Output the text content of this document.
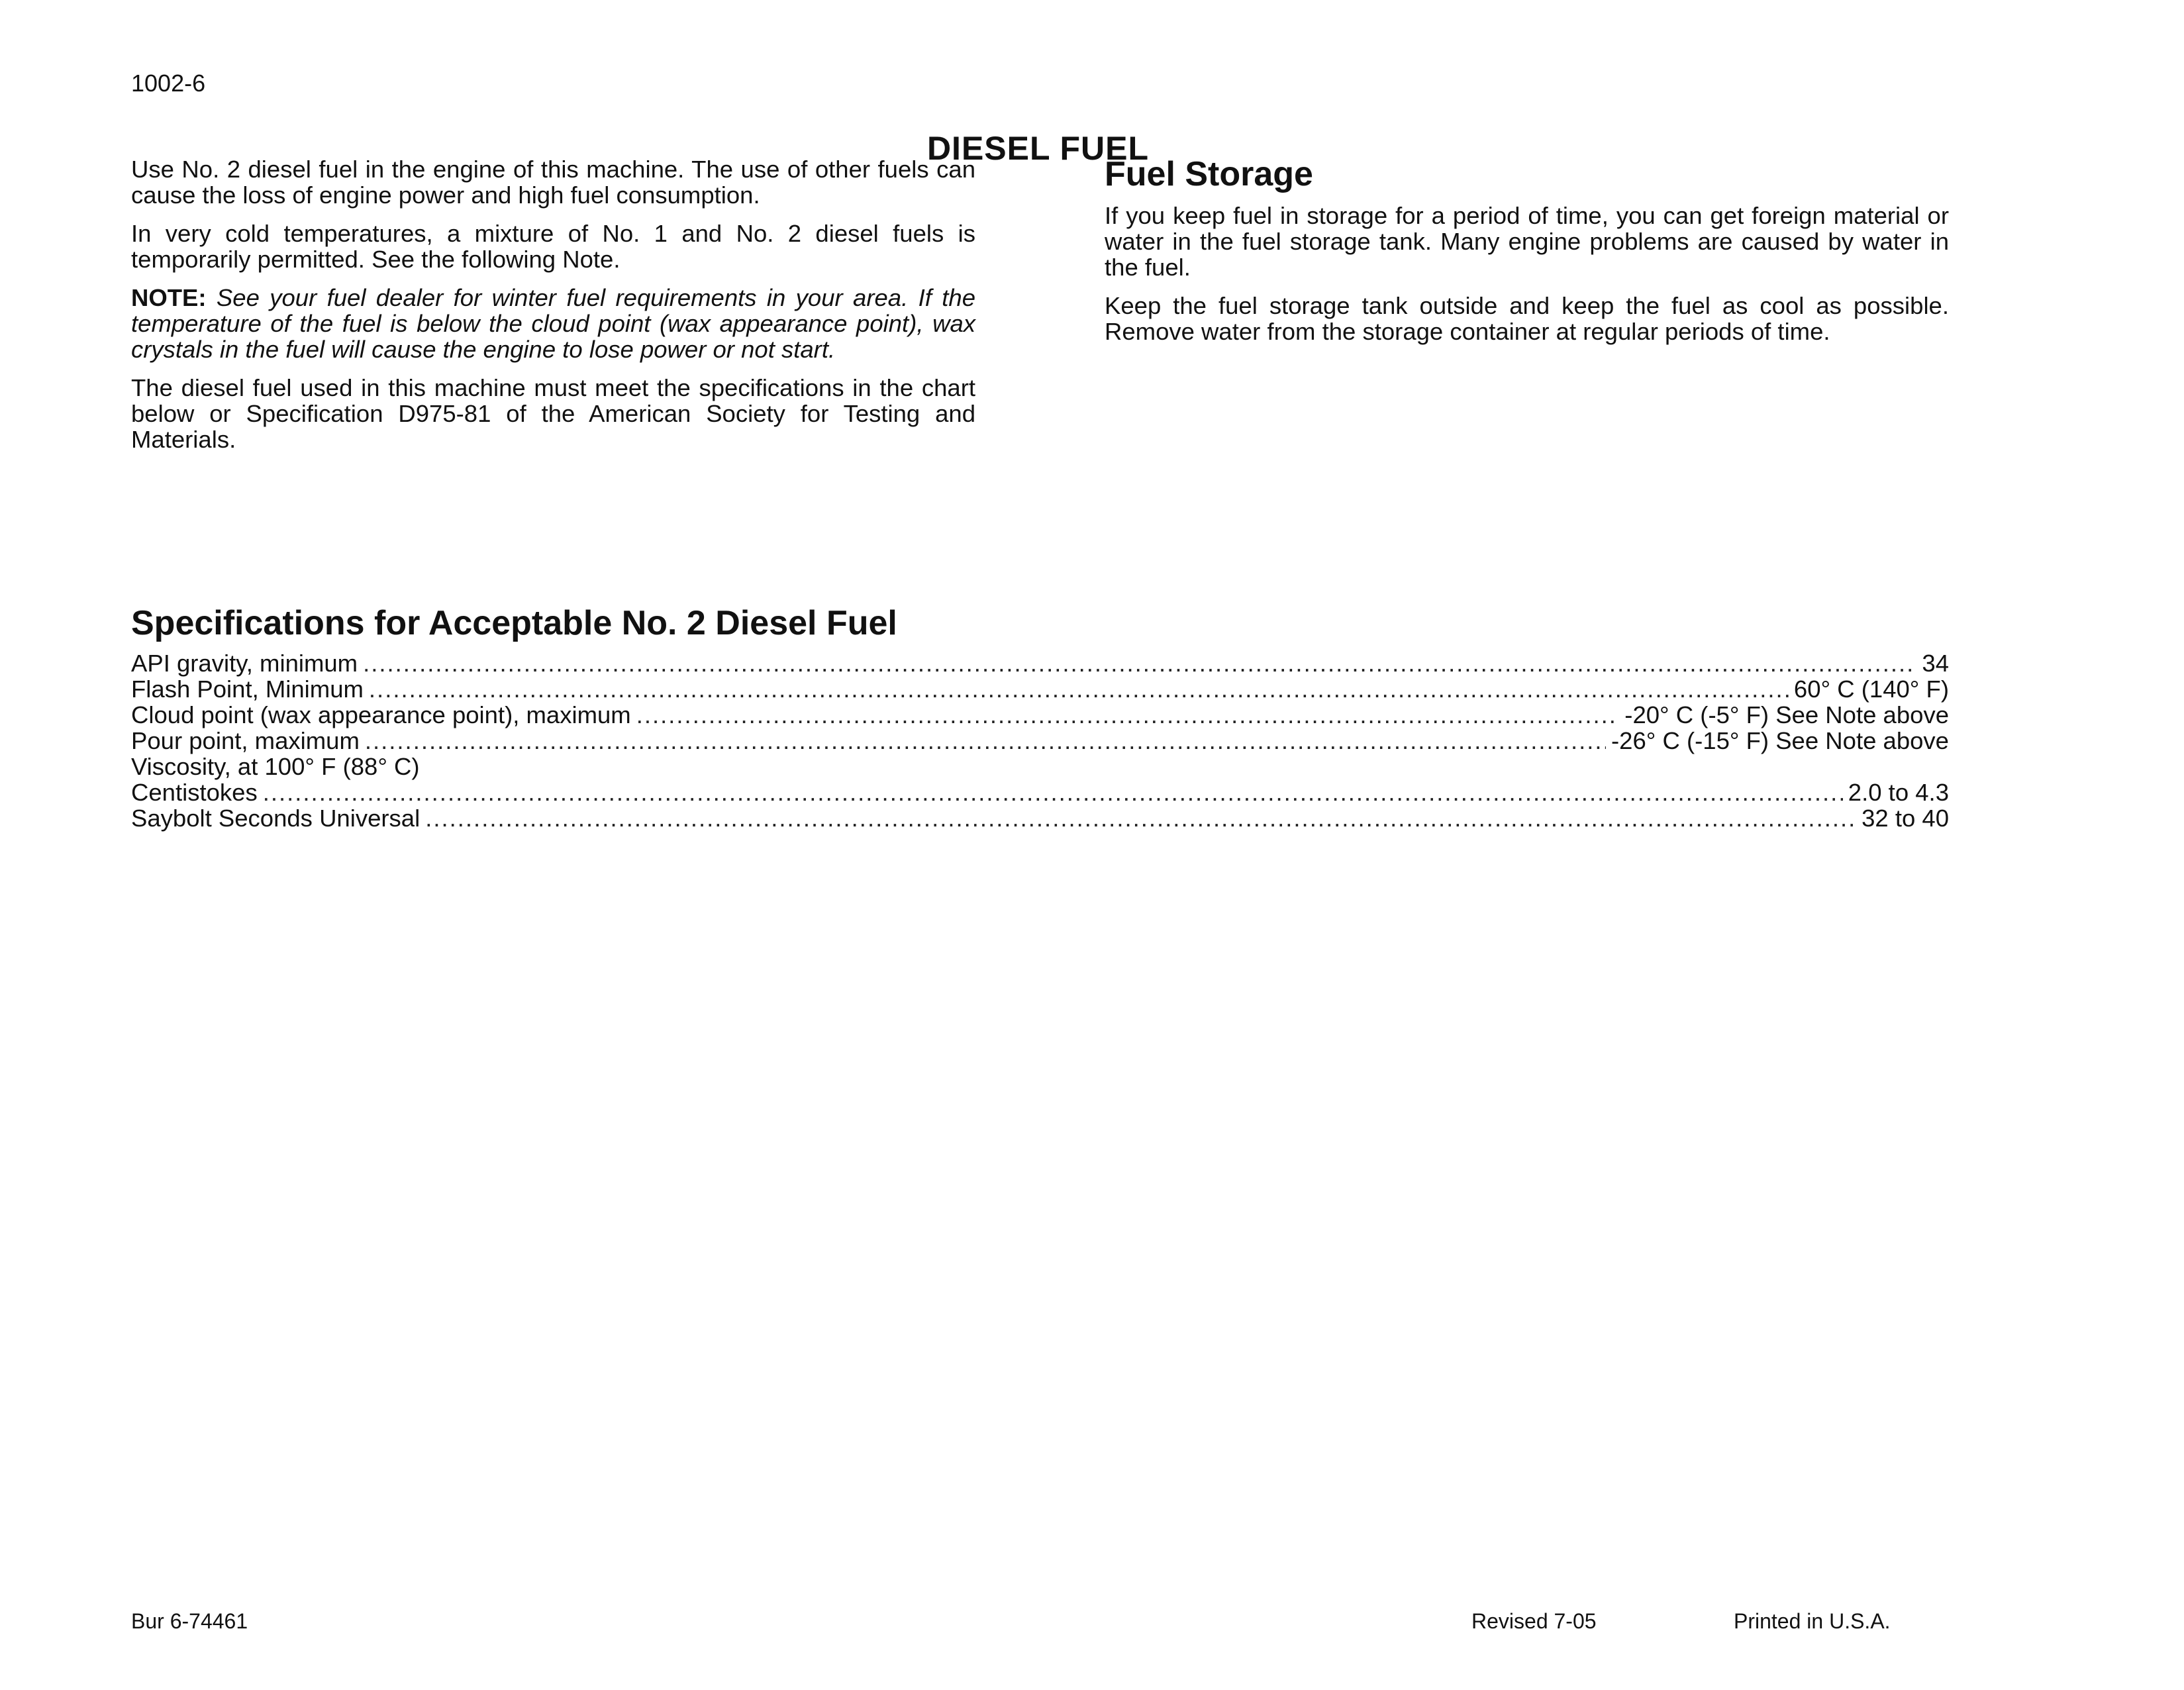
1002-6
DIESEL FUEL

Use No. 2 diesel fuel in the engine of this machine. The use of other fuels can cause the loss of engine power and high fuel consumption.

In very cold temperatures, a mixture of No. 1 and No. 2 diesel fuels is temporarily permitted. See the following Note.

NOTE: See your fuel dealer for winter fuel requirements in your area. If the temperature of the fuel is below the cloud point (wax appearance point), wax crystals in the fuel will cause the engine to lose power or not start.

The diesel fuel used in this machine must meet the specifications in the chart below or Specification D975-81 of the American Society for Testing and Materials.

Fuel Storage

If you keep fuel in storage for a period of time, you can get foreign material or water in the fuel storage tank. Many engine problems are caused by water in the fuel.

Keep the fuel storage tank outside and keep the fuel as cool as possible. Remove water from the storage container at regular periods of time.

Specifications for Acceptable No. 2 Diesel Fuel
API gravity, minimum .....	34
Flash Point, Minimum .....	60° C (140° F)
Cloud point (wax appearance point), maximum .....	-20° C (-5° F) See Note above
Pour point, maximum .....	-26° C (-15° F) See Note above
Viscosity, at 100° F (88° C)
Centistokes .....	2.0 to 4.3
Saybolt Seconds Universal .....	32 to 40
Bur 6-74461	Revised 7-05	Printed in U.S.A.
